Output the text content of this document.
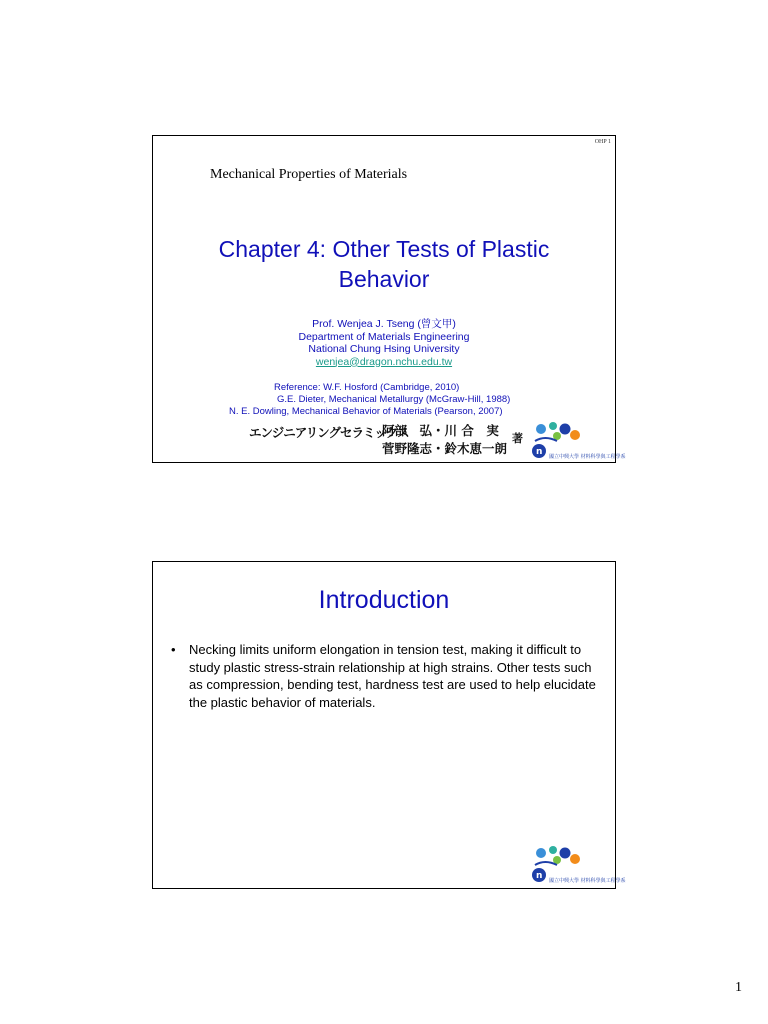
OHP 1
Mechanical Properties of Materials
Chapter 4: Other Tests of Plastic
Behavior
Prof. Wenjea J. Tseng (曾文甲)
Department of Materials Engineering
National Chung Hsing University
wenjea@dragon.nchu.edu.tw
Reference: W.F. Hosford (Cambridge, 2010)
G.E. Dieter, Mechanical Metallurgy (McGraw-Hill, 1988)
N. E. Dowling, Mechanical Behavior of Materials (Pearson, 2007)
エンジニアリングセラミックス
阿部　弘・川 合　実
菅野隆志・鈴木恵一朗
著
n 國立中興大學 材料科學與工程學系
Introduction
• Necking limits uniform elongation in tension test, making it difficult to study plastic stress-strain relationship at high strains. Other tests such as compression, bending test, hardness test are used to help elucidate the plastic behavior of materials.
n 國立中興大學 材料科學與工程學系
1
